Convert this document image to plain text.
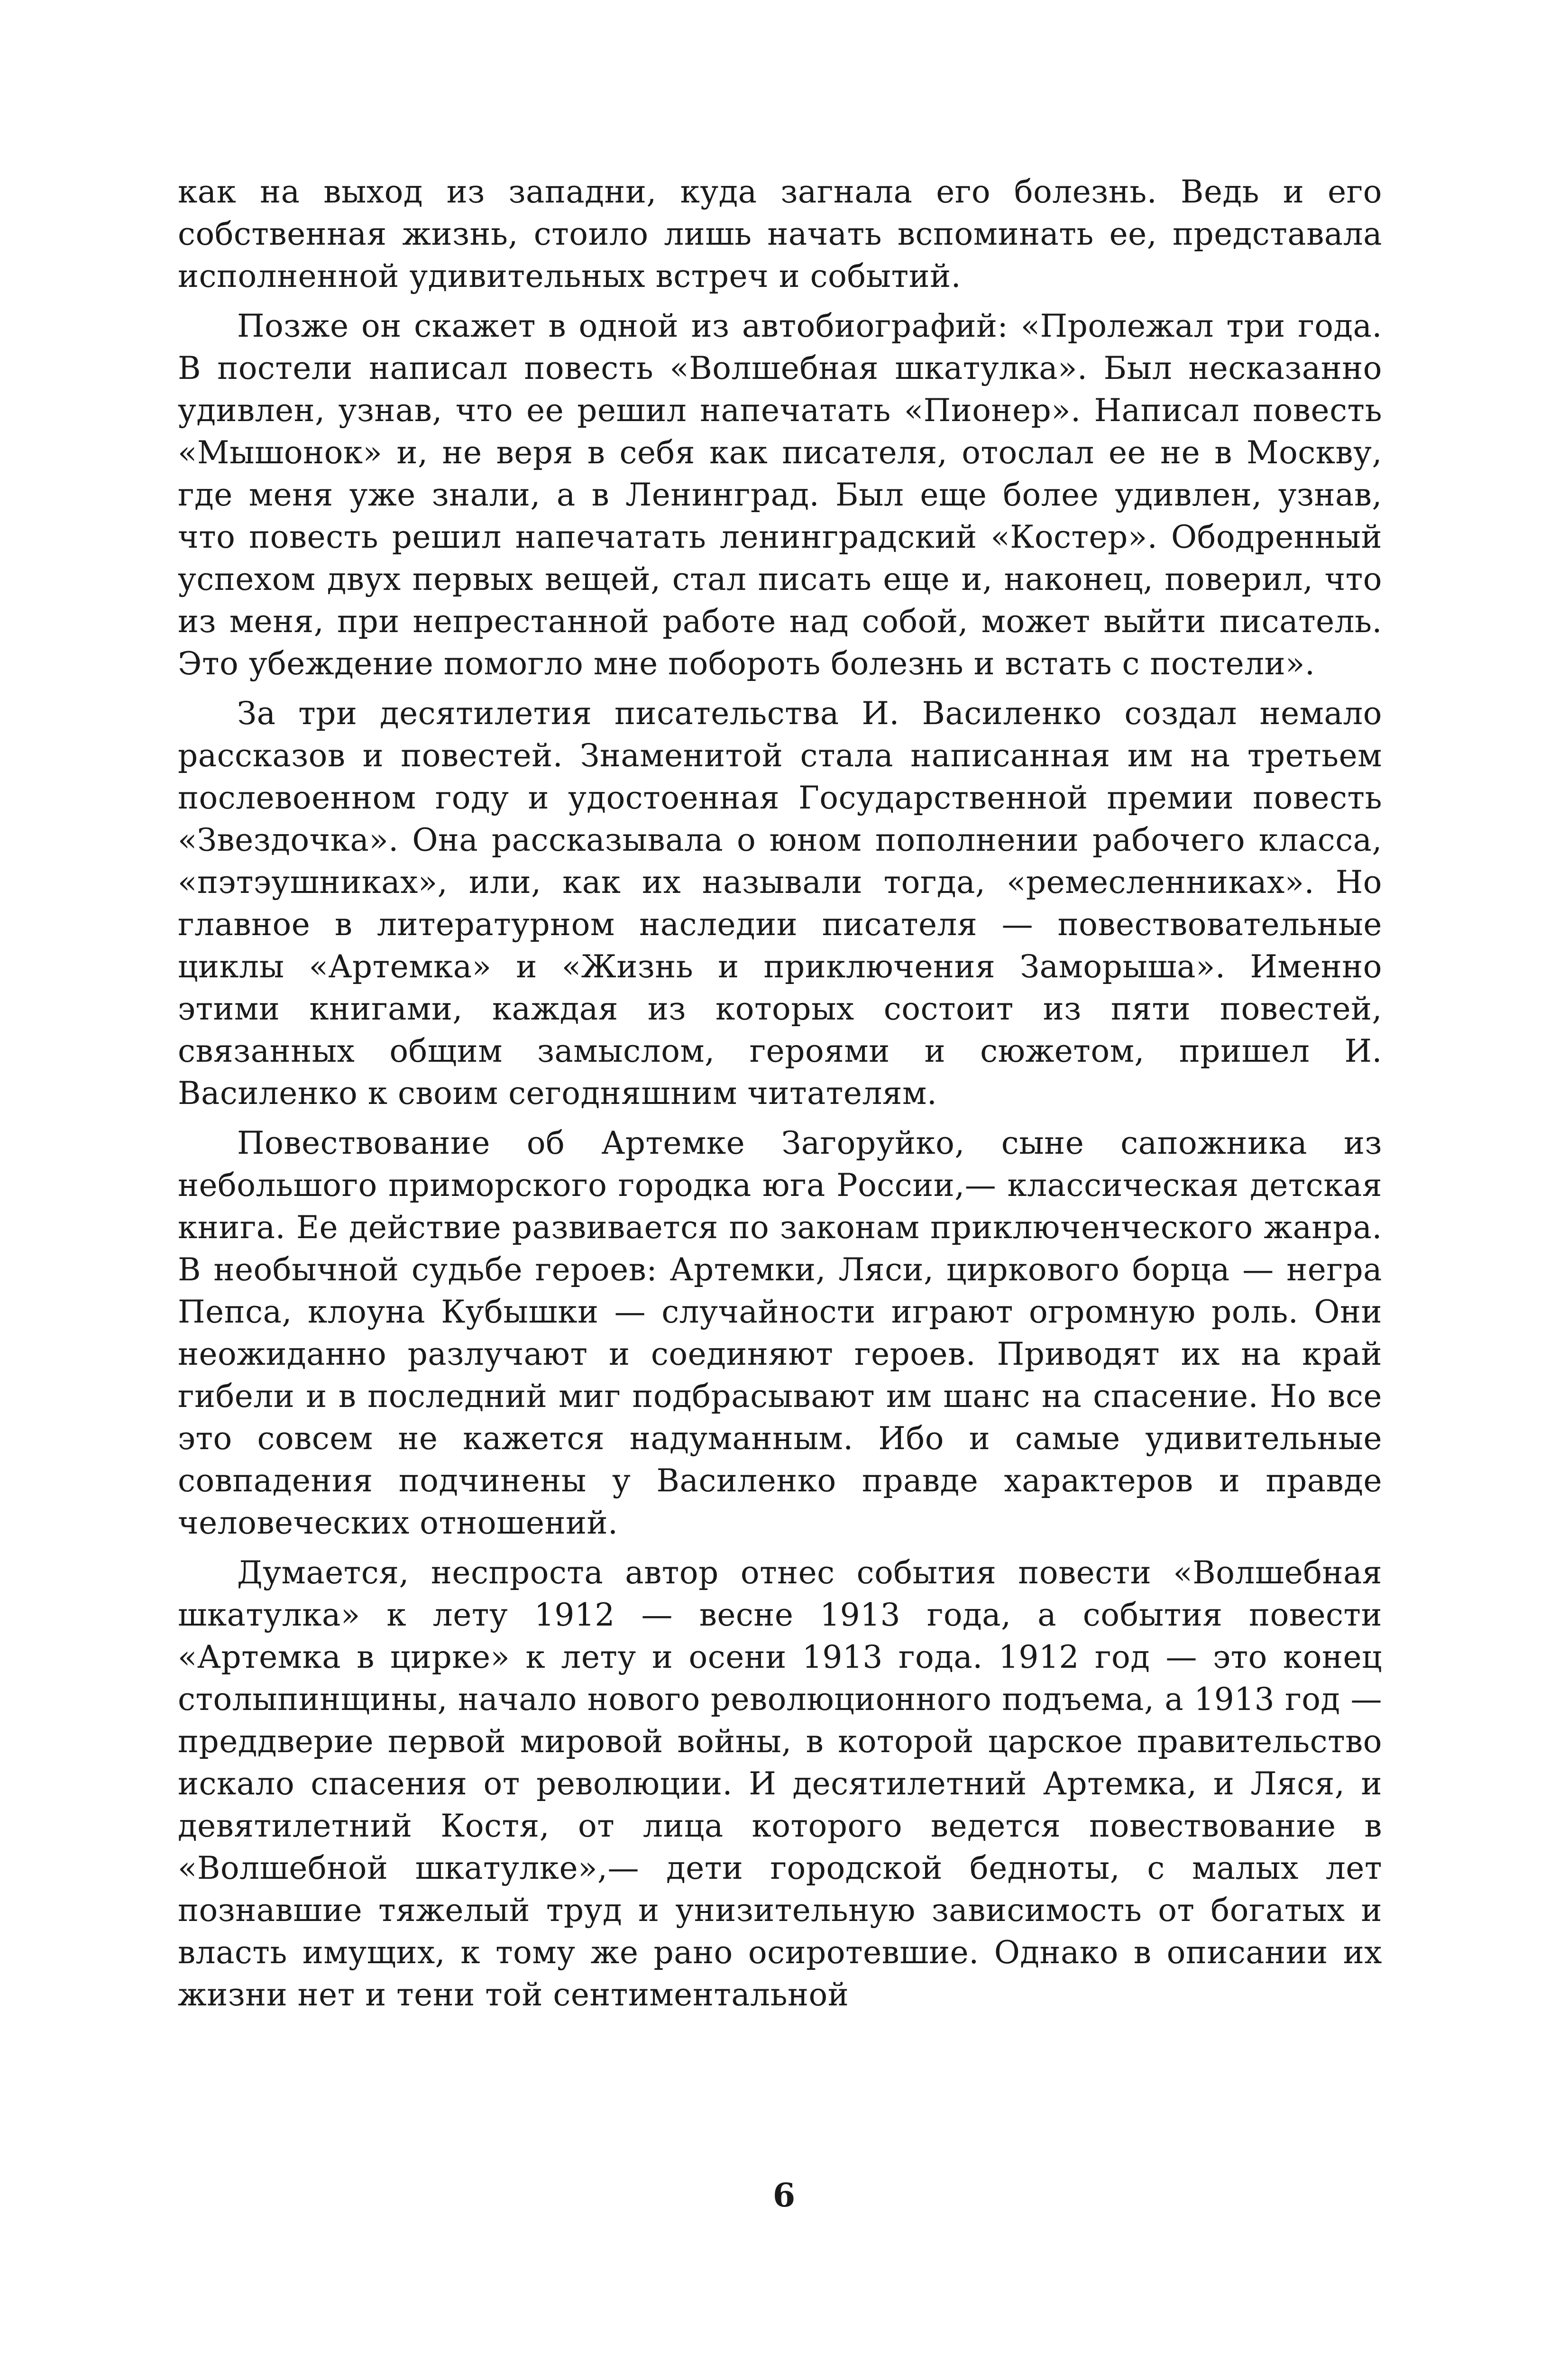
как на выход из западни, куда загнала его болезнь. Ведь и его собственная жизнь, стоило лишь начать вспоминать ее, представала исполненной удивительных встреч и событий.

Позже он скажет в одной из автобиографий: «Пролежал три года. В постели написал повесть «Волшебная шкатулка». Был несказанно удивлен, узнав, что ее решил напечатать «Пионер». Написал повесть «Мышонок» и, не веря в себя как писателя, отослал ее не в Москву, где меня уже знали, а в Ленинград. Был еще более удивлен, узнав, что повесть решил напечатать ленинградский «Костер». Ободренный успехом двух первых вещей, стал писать еще и, наконец, поверил, что из меня, при непрестанной работе над собой, может выйти писатель. Это убеждение помогло мне побороть болезнь и встать с постели».

За три десятилетия писательства И. Василенко создал немало рассказов и повестей. Знаменитой стала написанная им на третьем послевоенном году и удостоенная Государственной премии повесть «Звездочка». Она рассказывала о юном пополнении рабочего класса, «пэтэушниках», или, как их называли тогда, «ремесленниках». Но главное в литературном наследии писателя — повествовательные циклы «Артемка» и «Жизнь и приключения Заморыша». Именно этими книгами, каждая из которых состоит из пяти повестей, связанных общим замыслом, героями и сюжетом, пришел И. Василенко к своим сегодняшним читателям.

Повествование об Артемке Загоруйко, сыне сапожника из небольшого приморского городка юга России,— классическая детская книга. Ее действие развивается по законам приключенческого жанра. В необычной судьбе героев: Артемки, Ляси, циркового борца — негра Пепса, клоуна Кубышки — случайности играют огромную роль. Они неожиданно разлучают и соединяют героев. Приводят их на край гибели и в последний миг подбрасывают им шанс на спасение. Но все это совсем не кажется надуманным. Ибо и самые удивительные совпадения подчинены у Василенко правде характеров и правде человеческих отношений.

Думается, неспроста автор отнес события повести «Волшебная шкатулка» к лету 1912 — весне 1913 года, а события повести «Артемка в цирке» к лету и осени 1913 года. 1912 год — это конец столыпинщины, начало нового революционного подъема, а 1913 год — преддверие первой мировой войны, в которой царское правительство искало спасения от революции. И десятилетний Артемка, и Ляся, и девятилетний Костя, от лица которого ведется повествование в «Волшебной шкатулке»,— дети городской бедноты, с малых лет познавшие тяжелый труд и унизительную зависимость от богатых и власть имущих, к тому же рано осиротевшие. Однако в описании их жизни нет и тени той сентиментальной

6
